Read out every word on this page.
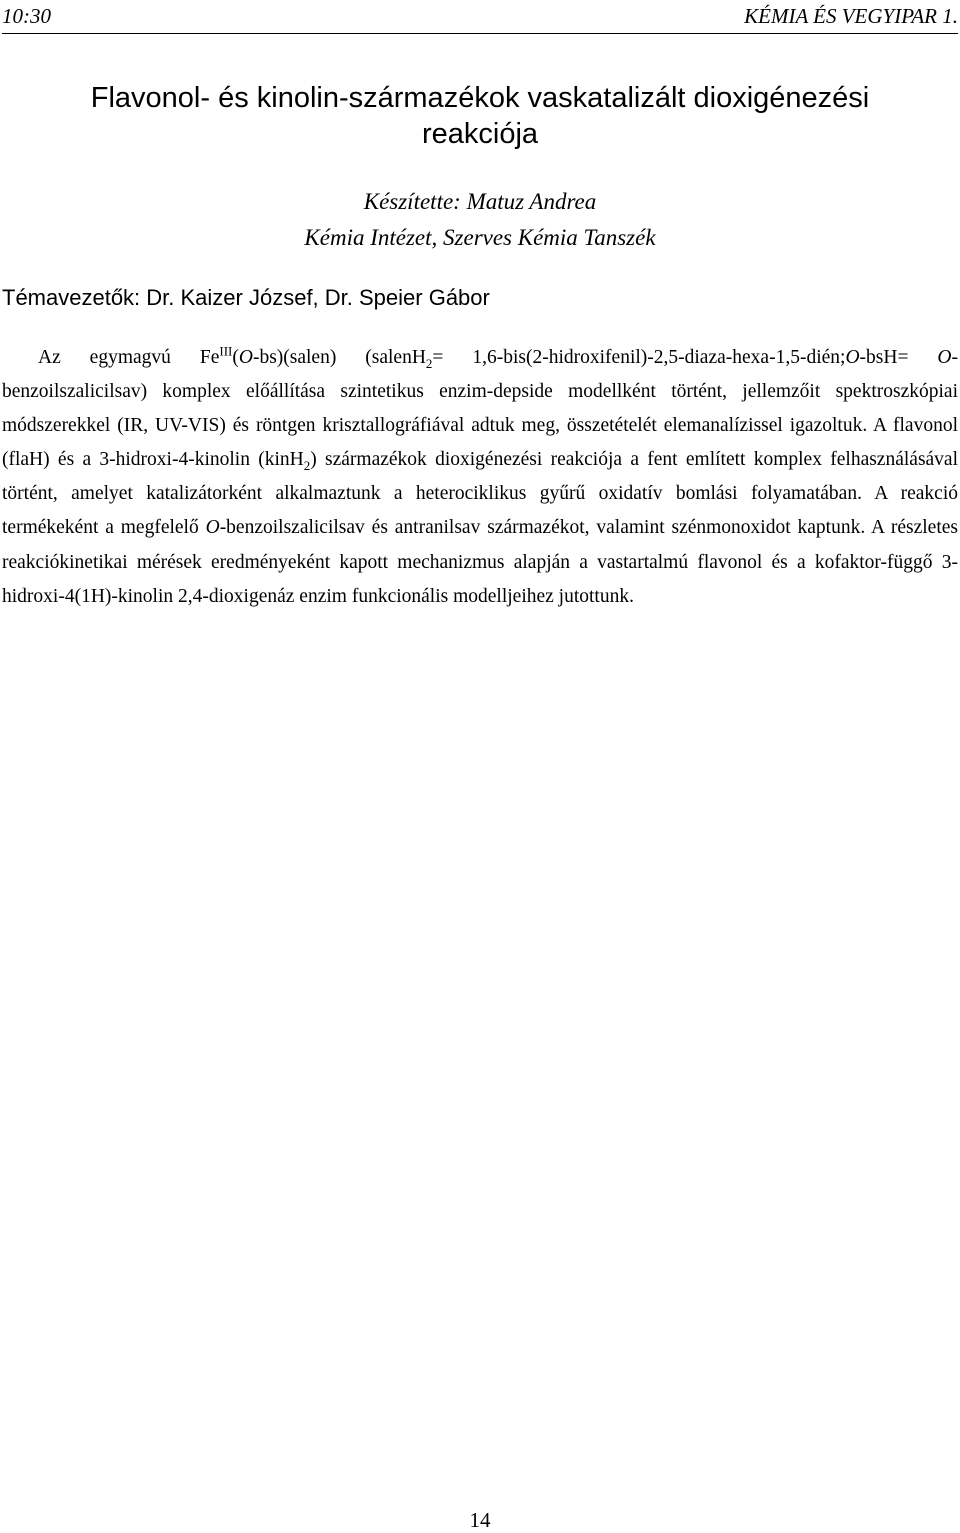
10:30	KÉMIA ÉS VEGYIPAR 1.
Flavonol- és kinolin-származékok vaskatalizált dioxigénezési
reakciója
Készítette: Matuz Andrea
Kémia Intézet, Szerves Kémia Tanszék
Témavezetők: Dr. Kaizer József, Dr. Speier Gábor

Az egymagvú $Fe^{III}(O-bs)(salen)$ (salenH$_2$= 1,6-bis(2-hidroxifenil)-2,5-diaza-hexa-1,5-dién;O-bsH= O-benzoilszalicilsav) komplex előállítása szintetikus enzim-depside modellként történt, jellemzőit spektroszkópiai módszerekkel (IR, UV-VIS) és röntgen krisztallográfiával adtuk meg, összetételét elemanalízissel igazoltuk. A flavonol (flaH) és a 3-hidroxi-4-kinolin (kinH$_2$) származékok dioxigénezési reakciója a fent említett komplex felhasználásával történt, amelyet katalizátorként alkalmaztunk a heterociklikus gyűrű oxidatív bomlási folyamatában. A reakció termékeként a megfelelő O-benzoilszalicilsav és antranilsav származékot, valamint szénmonoxidot kaptunk. A részletes reakciókinetikai mérések eredményeként kapott mechanizmus alapján a vastartalmú flavonol és a kofaktor-függő 3-hidroxi-4(1H)-kinolin 2,4-dioxigenáz enzim funkcionális modelljeihez jutottunk.

14
